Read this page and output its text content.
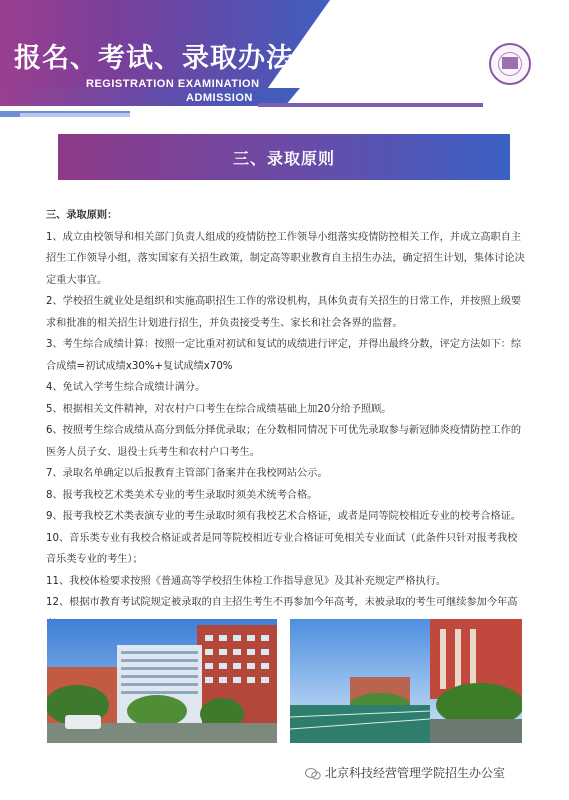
报名、考试、录取办法
REGISTRATION EXAMINATION
ADMISSION
三、录取原则

三、录取原则：

1、成立由校领导和相关部门负责人组成的疫情防控工作领导小组落实疫情防控相关工作，并成立高职自主招生工作领导小组，落实国家有关招生政策，制定高等职业教育自主招生办法，确定招生计划，集体讨论决定重大事宜。

2、学校招生就业处是组织和实施高职招生工作的常设机构，具体负责有关招生的日常工作，并按照上级要求和批准的相关招生计划进行招生，并负责接受考生、家长和社会各界的监督。

3、考生综合成绩计算：按照一定比重对初试和复试的成绩进行评定，并得出最终分数，评定方法如下：综合成绩=初试成绩x30%+复试成绩x70%

4、免试入学考生综合成绩计满分。

5、根据相关文件精神，对农村户口考生在综合成绩基础上加20分给予照顾。

6、按照考生综合成绩从高分到低分择优录取；在分数相同情况下可优先录取参与新冠肺炎疫情防控工作的医务人员子女、退役士兵考生和农村户口考生。

7、录取名单确定以后报教育主管部门备案并在我校网站公示。

8、报考我校艺术类美术专业的考生录取时须美术统考合格。

9、报考我校艺术类表演专业的考生录取时须有我校艺术合格证，或者是同等院校相近专业的校考合格证。

10、音乐类专业有我校合格证或者是同等院校相近专业合格证可免相关专业面试（此条件只针对报考我校音乐类专业的考生）；

11、我校体检要求按照《普通高等学校招生体检工作指导意见》及其补充规定严格执行。

12、根据市教育考试院规定被录取的自主招生考生不再参加今年高考，未被录取的考生可继续参加今年高

北京科技经营管理学院招生办公室
